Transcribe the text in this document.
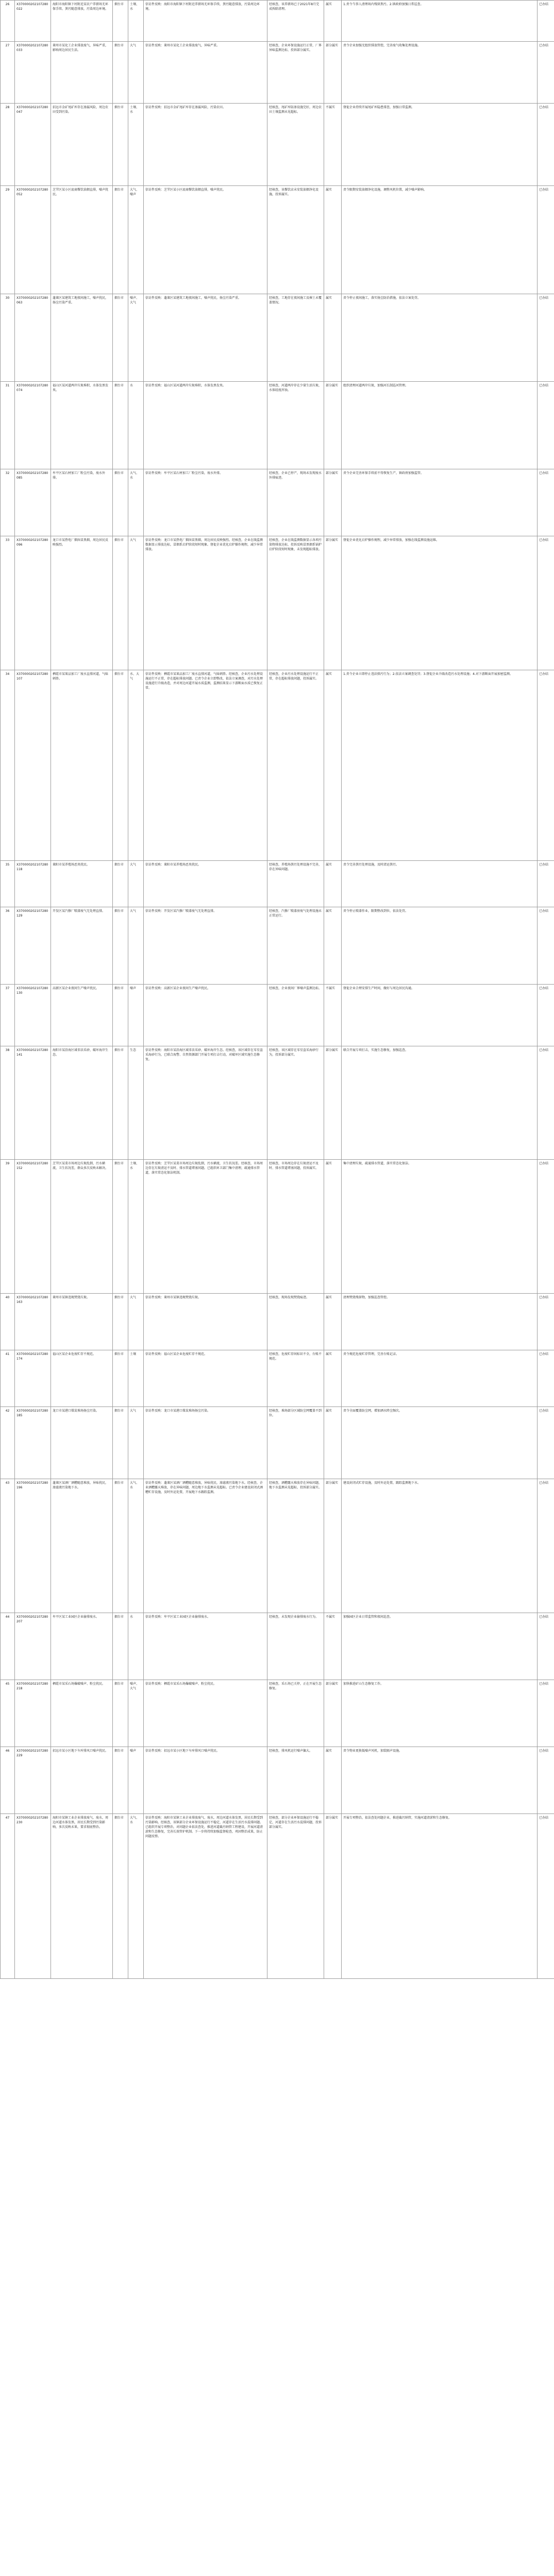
26	X370000202107280022	海阳市海阳镇下村附近某农户养猪场无环保手续、粪污随意排放，污染周边环境。	烟台市	土壤、水	信访件反映：海阳市海阳镇下村附近养猪场无环保手续，粪污随意排放，污染周边环境。	经核查，该养猪场已于2021年8月完成拆除清理。	属实	1.责令当事人清理场内残留粪污。2.镇政府加强日常巡查。	已办结
27	X370000202107280033	莱州市某化工企业排放废气，异味严重，影响周边居民生活。	烟台市	大气	信访件反映：莱州市某化工企业排放废气，异味严重。	经核查，企业环保设施运行正常，厂界异味监测达标，投诉部分属实。	部分属实	责令企业加强无组织排放管控，完善废气收集处理设施。	已办结
28	X370000202107280047	招远市金矿尾矿库存在渗漏风险，周边农田受到污染。	烟台市	土壤、水	信访件反映：招远市金矿尾矿库存在渗漏风险，污染农田。	经核查，尾矿库防渗设施完好，周边农田土壤监测未见超标。	不属实	督促企业持续开展尾矿库隐患排查，加强日常监测。	已办结
29	X370000202107280052	芝罘区某小区底商餐饮油烟直排，噪声扰民。	烟台市	大气、噪声	信访件反映：芝罘区某小区底商餐饮油烟直排，噪声扰民。	经核查，该餐饮店未安装油烟净化设施，投诉属实。	属实	责令限期安装油烟净化设施，调整风机位置，减少噪声影响。	已办结
30	X370000202107280063	蓬莱区某建筑工地夜间施工，噪声扰民，扬尘污染严重。	烟台市	噪声、大气	信访件反映：蓬莱区某建筑工地夜间施工，噪声扰民，扬尘污染严重。	经核查，工地存在夜间施工及裸土未覆盖情况。	属实	责令停止夜间施工，落实扬尘防治措施，依法立案处罚。	已办结
31	X370000202107280074	福山区某河道两岸垃圾堆积，水体发黑发臭。	烟台市	水	信访件反映：福山区某河道两岸垃圾堆积，水体发黑发臭。	经核查，河道两岸存在少量生活垃圾，水体轻度浑浊。	部分属实	组织清理河道两岸垃圾，加强河长制巡河管理。	已办结
32	X370000202107280085	牟平区某石材加工厂粉尘污染，废水外排。	烟台市	大气、水	信访件反映：牟平区某石材加工厂粉尘污染，废水外排。	经核查，企业已停产，现场未发现废水外排痕迹。	部分属实	责令企业完善环保手续前不得恢复生产，镇政府加强监管。	已办结
33	X370000202107280096	龙口市某热电厂烟囱冒黑烟，周边居民反映强烈。	烟台市	大气	信访件反映：龙口市某热电厂烟囱冒黑烟，周边居民反映强烈。经核查，企业在线监测数据显示排放达标，冒烟系启炉阶段短时现象。督促企业优化启炉操作规程，减少异常排放。	经核查，企业在线监测数据显示各项污染物排放达标，投诉反映冒黑烟系锅炉启炉阶段短时现象，未发现超标排放。	部分属实	督促企业优化启炉操作规程，减少异常排放，加强在线监测设施运维。	已办结
34	X370000202107280107	栖霞市某果品加工厂废水直排河道，气味刺鼻。	烟台市	水、大气	信访件反映：栖霞市某果品加工厂废水直排河道，气味刺鼻。经核查，企业污水处理设施运行不正常，存在超标排放问题。已责令企业立即整改，依法立案调查，对污水处理设施进行升级改造，并对周边河道开展水质监测，监测结果显示下游断面水质已恢复正常。	经核查，企业污水处理设施运行不正常，存在超标排放问题，投诉属实。	属实	1.责令企业立即停止违法排污行为；2.依法立案调查处罚；3.督促企业升级改造污水处理设施；4.对下游断面开展加密监测。	已办结
35	X370000202107280118	莱阳市某养殖场恶臭扰民。	烟台市	大气	信访件反映：莱阳市某养殖场恶臭扰民。	经核查，养殖场粪污处理设施不完善，存在异味问题。	属实	责令完善粪污处理设施，及时清运粪污。	已办结
36	X370000202107280129	开发区某汽修厂喷漆废气无处理直排。	烟台市	大气	信访件反映：开发区某汽修厂喷漆废气无处理直排。	经核查，汽修厂喷漆房废气处理设施未正常运行。	属实	责令停止喷漆作业，限期整改到位，依法处罚。	已办结
37	X370000202107280130	高新区某企业夜间生产噪声扰民。	烟台市	噪声	信访件反映：高新区某企业夜间生产噪声扰民。	经核查，企业夜间厂界噪声监测达标。	不属实	督促企业合理安排生产时间，做好与周边居民沟通。	已办结
38	X370000202107280141	海阳市某沿海区域非法采砂，破坏海岸生态。	烟台市	生态	信访件反映：海阳市某沿海区域非法采砂，破坏海岸生态。经核查，该区域存在零星盗采海砂行为，已联合海警、自然资源部门开展专项打击行动，对破坏区域实施生态修复。	经核查，该区域存在零星盗采海砂行为，投诉部分属实。	部分属实	联合开展专项打击，实施生态修复，加强巡查。	已办结
39	X370000202107280152	芝罘区某菜市场周边垃圾乱倒，污水横流，卫生状况差，群众多次反映未解决。	烟台市	土壤、水	信访件反映：芝罘区某菜市场周边垃圾乱倒，污水横流，卫生状况差。经核查，市场周边存在垃圾清运不及时、排水管道堵塞问题。已组织环卫部门集中清理，疏通排水管道，落实常态化保洁机制。	经核查，市场周边存在垃圾清运不及时、排水管道堵塞问题，投诉属实。	属实	集中清理垃圾，疏通排水管道，落实常态化保洁。	已办结
40	X370000202107280163	莱州市某镇违规焚烧垃圾。	烟台市	大气	信访件反映：莱州市某镇违规焚烧垃圾。	经核查，现场发现焚烧痕迹。	属实	清理焚烧残留物，加强巡查管控。	已办结
41	X370000202107280174	福山区某企业危废贮存不规范。	烟台市	土壤	信访件反映：福山区某企业危废贮存不规范。	经核查，危废贮存间标识不全，台账不规范。	属实	责令规范危废贮存管理，完善台账记录。	已办结
42	X370000202107280185	龙口市某港口煤炭堆场扬尘污染。	烟台市	大气	信访件反映：龙口市某港口煤炭堆场扬尘污染。	经核查，堆场部分区域防尘网覆盖不到位。	属实	责令全面覆盖防尘网，增加洒水降尘频次。	已办结
43	X370000202107280196	蓬莱区某酒厂酒糟随意堆放，异味扰民，渗滤液污染地下水。	烟台市	大气、水	信访件反映：蓬莱区某酒厂酒糟随意堆放，异味扰民，渗滤液污染地下水。经核查，企业酒糟露天堆放，存在异味问题，周边地下水监测未见超标。已责令企业建设封闭式酒糟贮存设施，及时外运处置，开展地下水跟踪监测。	经核查，酒糟露天堆放存在异味问题，地下水监测未见超标，投诉部分属实。	部分属实	建设封闭式贮存设施，及时外运处置，跟踪监测地下水。	已办结
44	X370000202107280207	牟平区某工业园区企业偷排废水。	烟台市	水	信访件反映：牟平区某工业园区企业偷排废水。	经核查，未发现企业偷排废水行为。	不属实	加强园区企业日常监管和夜间巡查。	已办结
45	X370000202107280218	栖霞市某采石场爆破噪声、粉尘扰民。	烟台市	噪声、大气	信访件反映：栖霞市某采石场爆破噪声、粉尘扰民。	经核查，采石场已关停，正在开展生态修复。	部分属实	加快推进矿山生态修复工作。	已办结
46	X370000202107280229	招远市某小区地下车库排风口噪声扰民。	烟台市	噪声	信访件反映：招远市某小区地下车库排风口噪声扰民。	经核查，排风机运行噪声偏大。	属实	责令物业更换低噪声风机，加装隔声设施。	已办结
47	X370000202107280230	海阳市某镇工业企业排放废气、废水，周边河道水体发黑，居民长期受到污染影响，多次反映未果，要求彻底整治。	烟台市	大气、水	信访件反映：海阳市某镇工业企业排放废气、废水，周边河道水体发黑，居民长期受到污染影响。经核查，该镇部分企业环保设施运行不稳定，河道存在生活污水混排问题。已组织开展专项整治，对问题企业依法查处，推进河道截污纳管工程建设，开展河道清淤和生态修复，完善长效管护机制。下一步将持续加强监督检查，巩固整治成果，防止问题反弹。	经核查，部分企业环保设施运行不稳定，河道存在生活污水混排问题，投诉部分属实。	部分属实	开展专项整治，依法查处问题企业，推进截污纳管，实施河道清淤和生态修复。	已办结
